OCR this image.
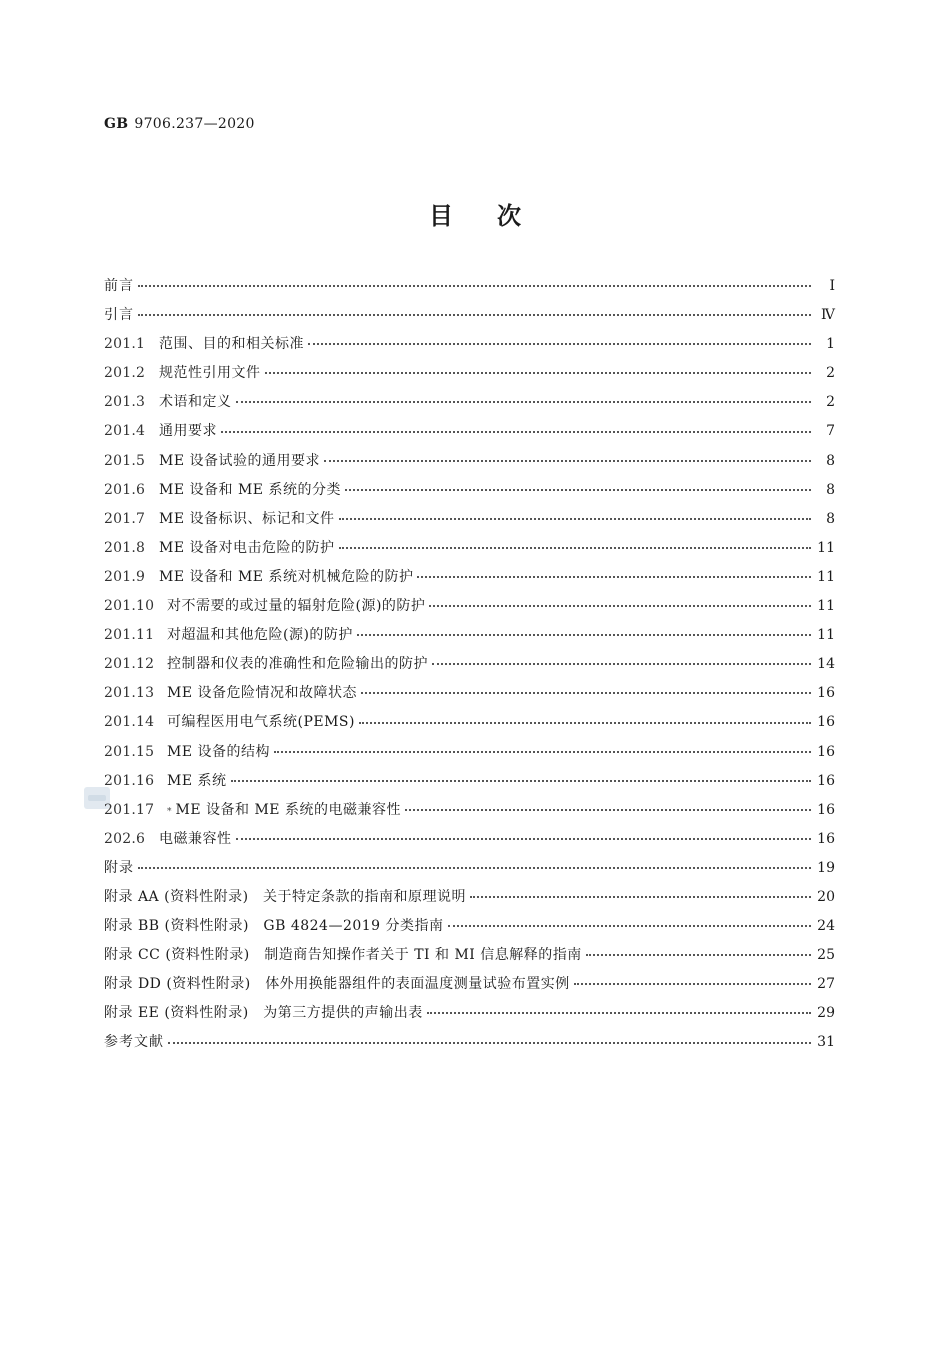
GB 9706.237—2020
目次
前言	Ⅰ
引言	Ⅳ
201.1 范围、目的和相关标准	1
201.2 规范性引用文件	2
201.3 术语和定义	2
201.4 通用要求	7
201.5 ME 设备试验的通用要求	8
201.6 ME 设备和 ME 系统的分类	8
201.7 ME 设备标识、标记和文件	8
201.8 ME 设备对电击危险的防护	11
201.9 ME 设备和 ME 系统对机械危险的防护	11
201.10 对不需要的或过量的辐射危险(源)的防护	11
201.11 对超温和其他危险(源)的防护	11
201.12 控制器和仪表的准确性和危险输出的防护	14
201.13 ME 设备危险情况和故障状态	16
201.14 可编程医用电气系统(PEMS)	16
201.15 ME 设备的结构	16
201.16 ME 系统	16
201.17	* ME 设备和 ME 系统的电磁兼容性	16
202.6 电磁兼容性	16
附录	19
附录 AA (资料性附录)　关于特定条款的指南和原理说明	20
附录 BB (资料性附录)　GB 4824—2019 分类指南	24
附录 CC (资料性附录)　制造商告知操作者关于 TI 和 MI 信息解释的指南	25
附录 DD (资料性附录)　体外用换能器组件的表面温度测量试验布置实例	27
附录 EE (资料性附录)　为第三方提供的声输出表	29
参考文献	31
